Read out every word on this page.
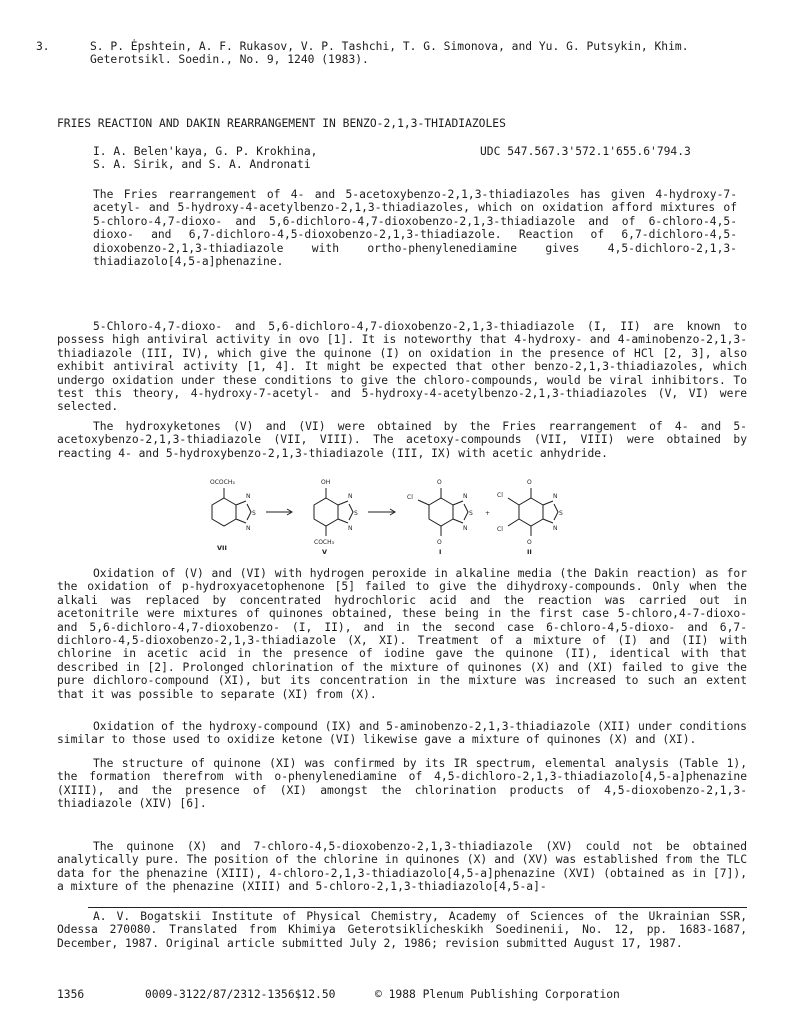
3.	S. P. Ėpshtein, A. F. Rukasov, V. P. Tashchi, T. G. Simonova, and Yu. G. Putsykin, Khim. Geterotsikl. Soedin., No. 9, 1240 (1983).
FRIES REACTION AND DAKIN REARRANGEMENT IN BENZO-2,1,3-THIADIAZOLES
I. A. Belen'kaya, G. P. Krokhina,
S. A. Sirik, and S. A. Andronati
UDC 547.567.3'572.1'655.6'794.3

The Fries rearrangement of 4- and 5-acetoxybenzo-2,1,3-thiadiazoles has given 4-hydroxy-7-acetyl- and 5-hydroxy-4-acetylbenzo-2,1,3-thiadiazoles, which on oxidation afford mixtures of 5-chloro-4,7-dioxo- and 5,6-dichloro-4,7-dioxobenzo-2,1,3-thiadiazole and of 6-chloro-4,5-dioxo- and 6,7-dichloro-4,5-dioxobenzo-2,1,3-thiadiazole. Reaction of 6,7-dichloro-4,5-dioxobenzo-2,1,3-thiadiazole with ortho-phenylenediamine gives 4,5-dichloro-2,1,3-thiadiazolo[4,5-a]phenazine.

5-Chloro-4,7-dioxo- and 5,6-dichloro-4,7-dioxobenzo-2,1,3-thiadiazole (I, II) are known to possess high antiviral activity in ovo [1]. It is noteworthy that 4-hydroxy- and 4-aminobenzo-2,1,3-thiadiazole (III, IV), which give the quinone (I) on oxidation in the presence of HCl [2, 3], also exhibit antiviral activity [1, 4]. It might be expected that other benzo-2,1,3-thiadiazoles, which undergo oxidation under these conditions to give the chloro-compounds, would be viral inhibitors. To test this theory, 4-hydroxy-7-acetyl- and 5-hydroxy-4-acetylbenzo-2,1,3-thiadiazoles (V, VI) were selected.

The hydroxyketones (V) and (VI) were obtained by the Fries rearrangement of 4- and 5-acetoxybenzo-2,1,3-thiadiazole (VII, VIII). The acetoxy-compounds (VII, VIII) were obtained by reacting 4- and 5-hydroxybenzo-2,1,3-thiadiazole (III, IX) with acetic anhydride.

OCOCH₃
N
S
N
VII
OH
N
S
N
COCH₃
V
O
Cl	N
S
N
O
I
+
O
Cl
Cl
N
S
N
O
II

Oxidation of (V) and (VI) with hydrogen peroxide in alkaline media (the Dakin reaction) as for the oxidation of p-hydroxyacetophenone [5] failed to give the dihydroxy-compounds. Only when the alkali was replaced by concentrated hydrochloric acid and the reaction was carried out in acetonitrile were mixtures of quinones obtained, these being in the first case 5-chloro,4-7-dioxo- and 5,6-dichloro-4,7-dioxobenzo- (I, II), and in the second case 6-chloro-4,5-dioxo- and 6,7-dichloro-4,5-dioxobenzo-2,1,3-thiadiazole (X, XI). Treatment of a mixture of (I) and (II) with chlorine in acetic acid in the presence of iodine gave the quinone (II), identical with that described in [2]. Prolonged chlorination of the mixture of quinones (X) and (XI) failed to give the pure dichloro-compound (XI), but its concentration in the mixture was increased to such an extent that it was possible to separate (XI) from (X).

Oxidation of the hydroxy-compound (IX) and 5-aminobenzo-2,1,3-thiadiazole (XII) under conditions similar to those used to oxidize ketone (VI) likewise gave a mixture of quinones (X) and (XI).

The structure of quinone (XI) was confirmed by its IR spectrum, elemental analysis (Table 1), the formation therefrom with o-phenylenediamine of 4,5-dichloro-2,1,3-thiadiazolo[4,5-a]phenazine (XIII), and the presence of (XI) amongst the chlorination products of 4,5-dioxobenzo-2,1,3-thiadiazole (XIV) [6].

The quinone (X) and 7-chloro-4,5-dioxobenzo-2,1,3-thiadiazole (XV) could not be obtained analytically pure. The position of the chlorine in quinones (X) and (XV) was established from the TLC data for the phenazine (XIII), 4-chloro-2,1,3-thiadiazolo[4,5-a]phenazine (XVI) (obtained as in [7]), a mixture of the phenazine (XIII) and 5-chloro-2,1,3-thiadiazolo[4,5-a]-

A. V. Bogatskii Institute of Physical Chemistry, Academy of Sciences of the Ukrainian SSR, Odessa 270080. Translated from Khimiya Geterotsiklicheskikh Soedinenii, No. 12, pp. 1683-1687, December, 1987. Original article submitted July 2, 1986; revision submitted August 17, 1987.

1356	0009-3122/87/2312-1356$12.50	© 1988 Plenum Publishing Corporation
